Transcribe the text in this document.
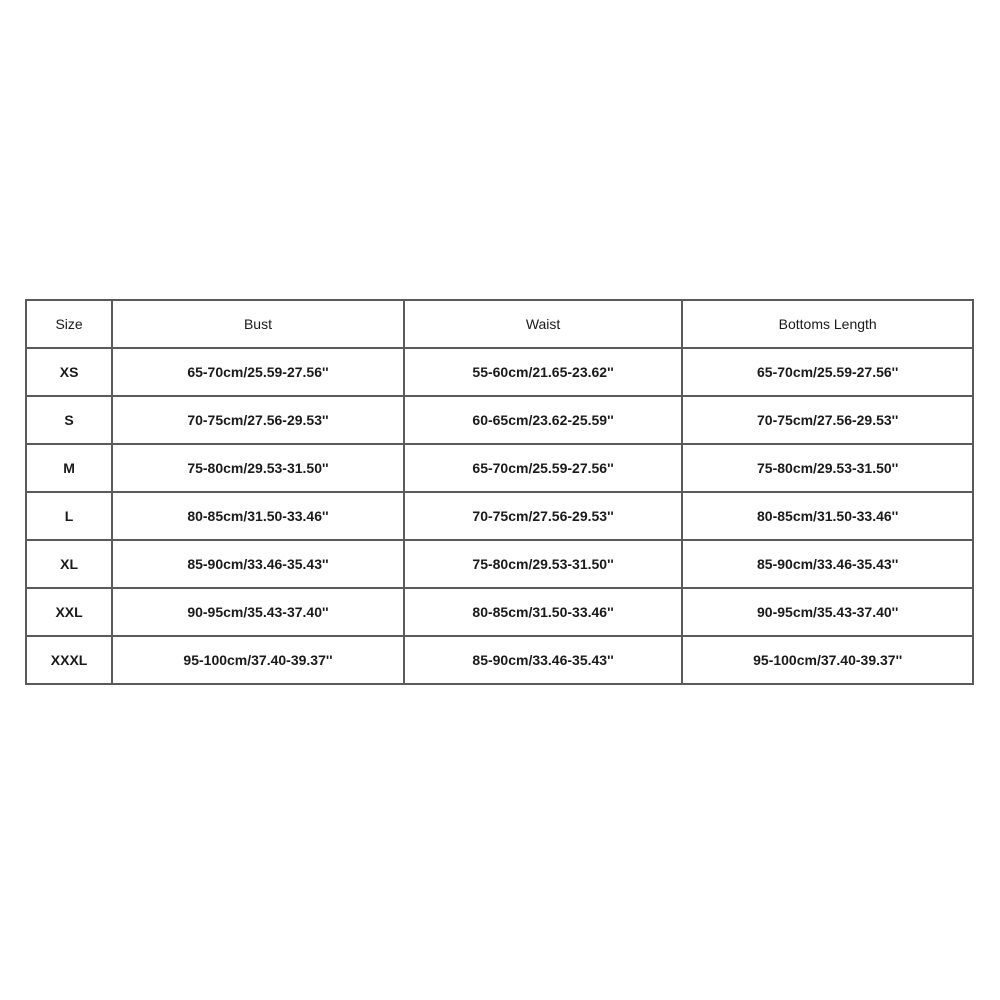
Size	Bust	Waist	Bottoms Length
XS	65-70cm/25.59-27.56''	55-60cm/21.65-23.62''	65-70cm/25.59-27.56''
S	70-75cm/27.56-29.53''	60-65cm/23.62-25.59''	70-75cm/27.56-29.53''
M	75-80cm/29.53-31.50''	65-70cm/25.59-27.56''	75-80cm/29.53-31.50''
L	80-85cm/31.50-33.46''	70-75cm/27.56-29.53''	80-85cm/31.50-33.46''
XL	85-90cm/33.46-35.43''	75-80cm/29.53-31.50''	85-90cm/33.46-35.43''
XXL	90-95cm/35.43-37.40''	80-85cm/31.50-33.46''	90-95cm/35.43-37.40''
XXXL	95-100cm/37.40-39.37''	85-90cm/33.46-35.43''	95-100cm/37.40-39.37''
